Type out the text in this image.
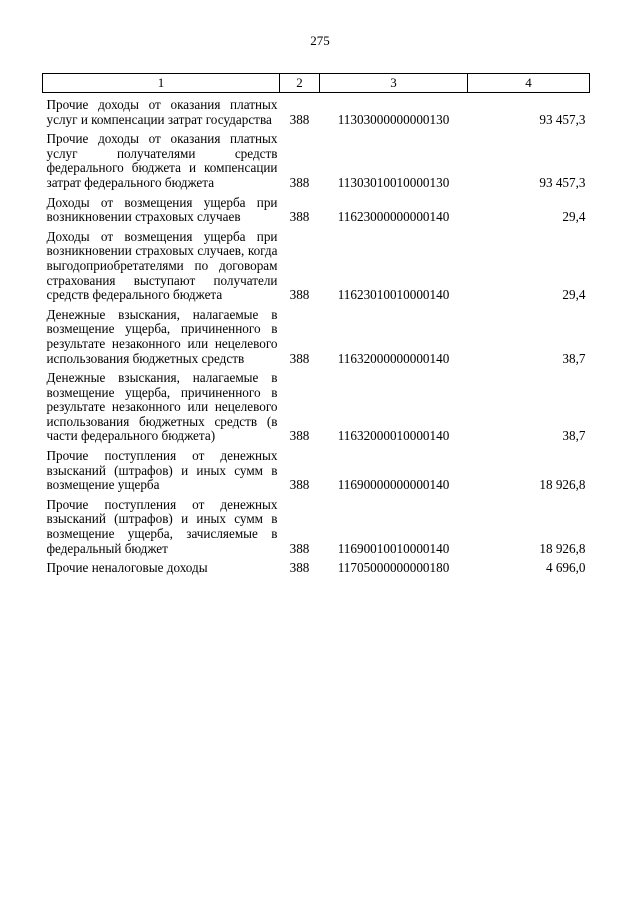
275
1	2	3	4
Прочие доходы от оказания платных услуг и компенсации затрат государства	388	11303000000000130	93 457,3
Прочие доходы от оказания платных услуг получателями средств федерального бюджета и компенсации затрат федерального бюджета	388	11303010010000130	93 457,3
Доходы от возмещения ущерба при возникновении страховых случаев	388	11623000000000140	29,4
Доходы от возмещения ущерба при возникновении страховых случаев, когда выгодоприобретателями по договорам страхования выступают получатели средств федерального бюджета	388	11623010010000140	29,4
Денежные взыскания, налагаемые в возмещение ущерба, причиненного в результате незаконного или нецелевого использования бюджетных средств	388	11632000000000140	38,7
Денежные взыскания, налагаемые в возмещение ущерба, причиненного в результате незаконного или нецелевого использования бюджетных средств (в части федерального бюджета)	388	11632000010000140	38,7
Прочие поступления от денежных взысканий (штрафов) и иных сумм в возмещение ущерба	388	11690000000000140	18 926,8
Прочие поступления от денежных взысканий (штрафов) и иных сумм в возмещение ущерба, зачисляемые в федеральный бюджет	388	11690010010000140	18 926,8
Прочие неналоговые доходы	388	11705000000000180	4 696,0
